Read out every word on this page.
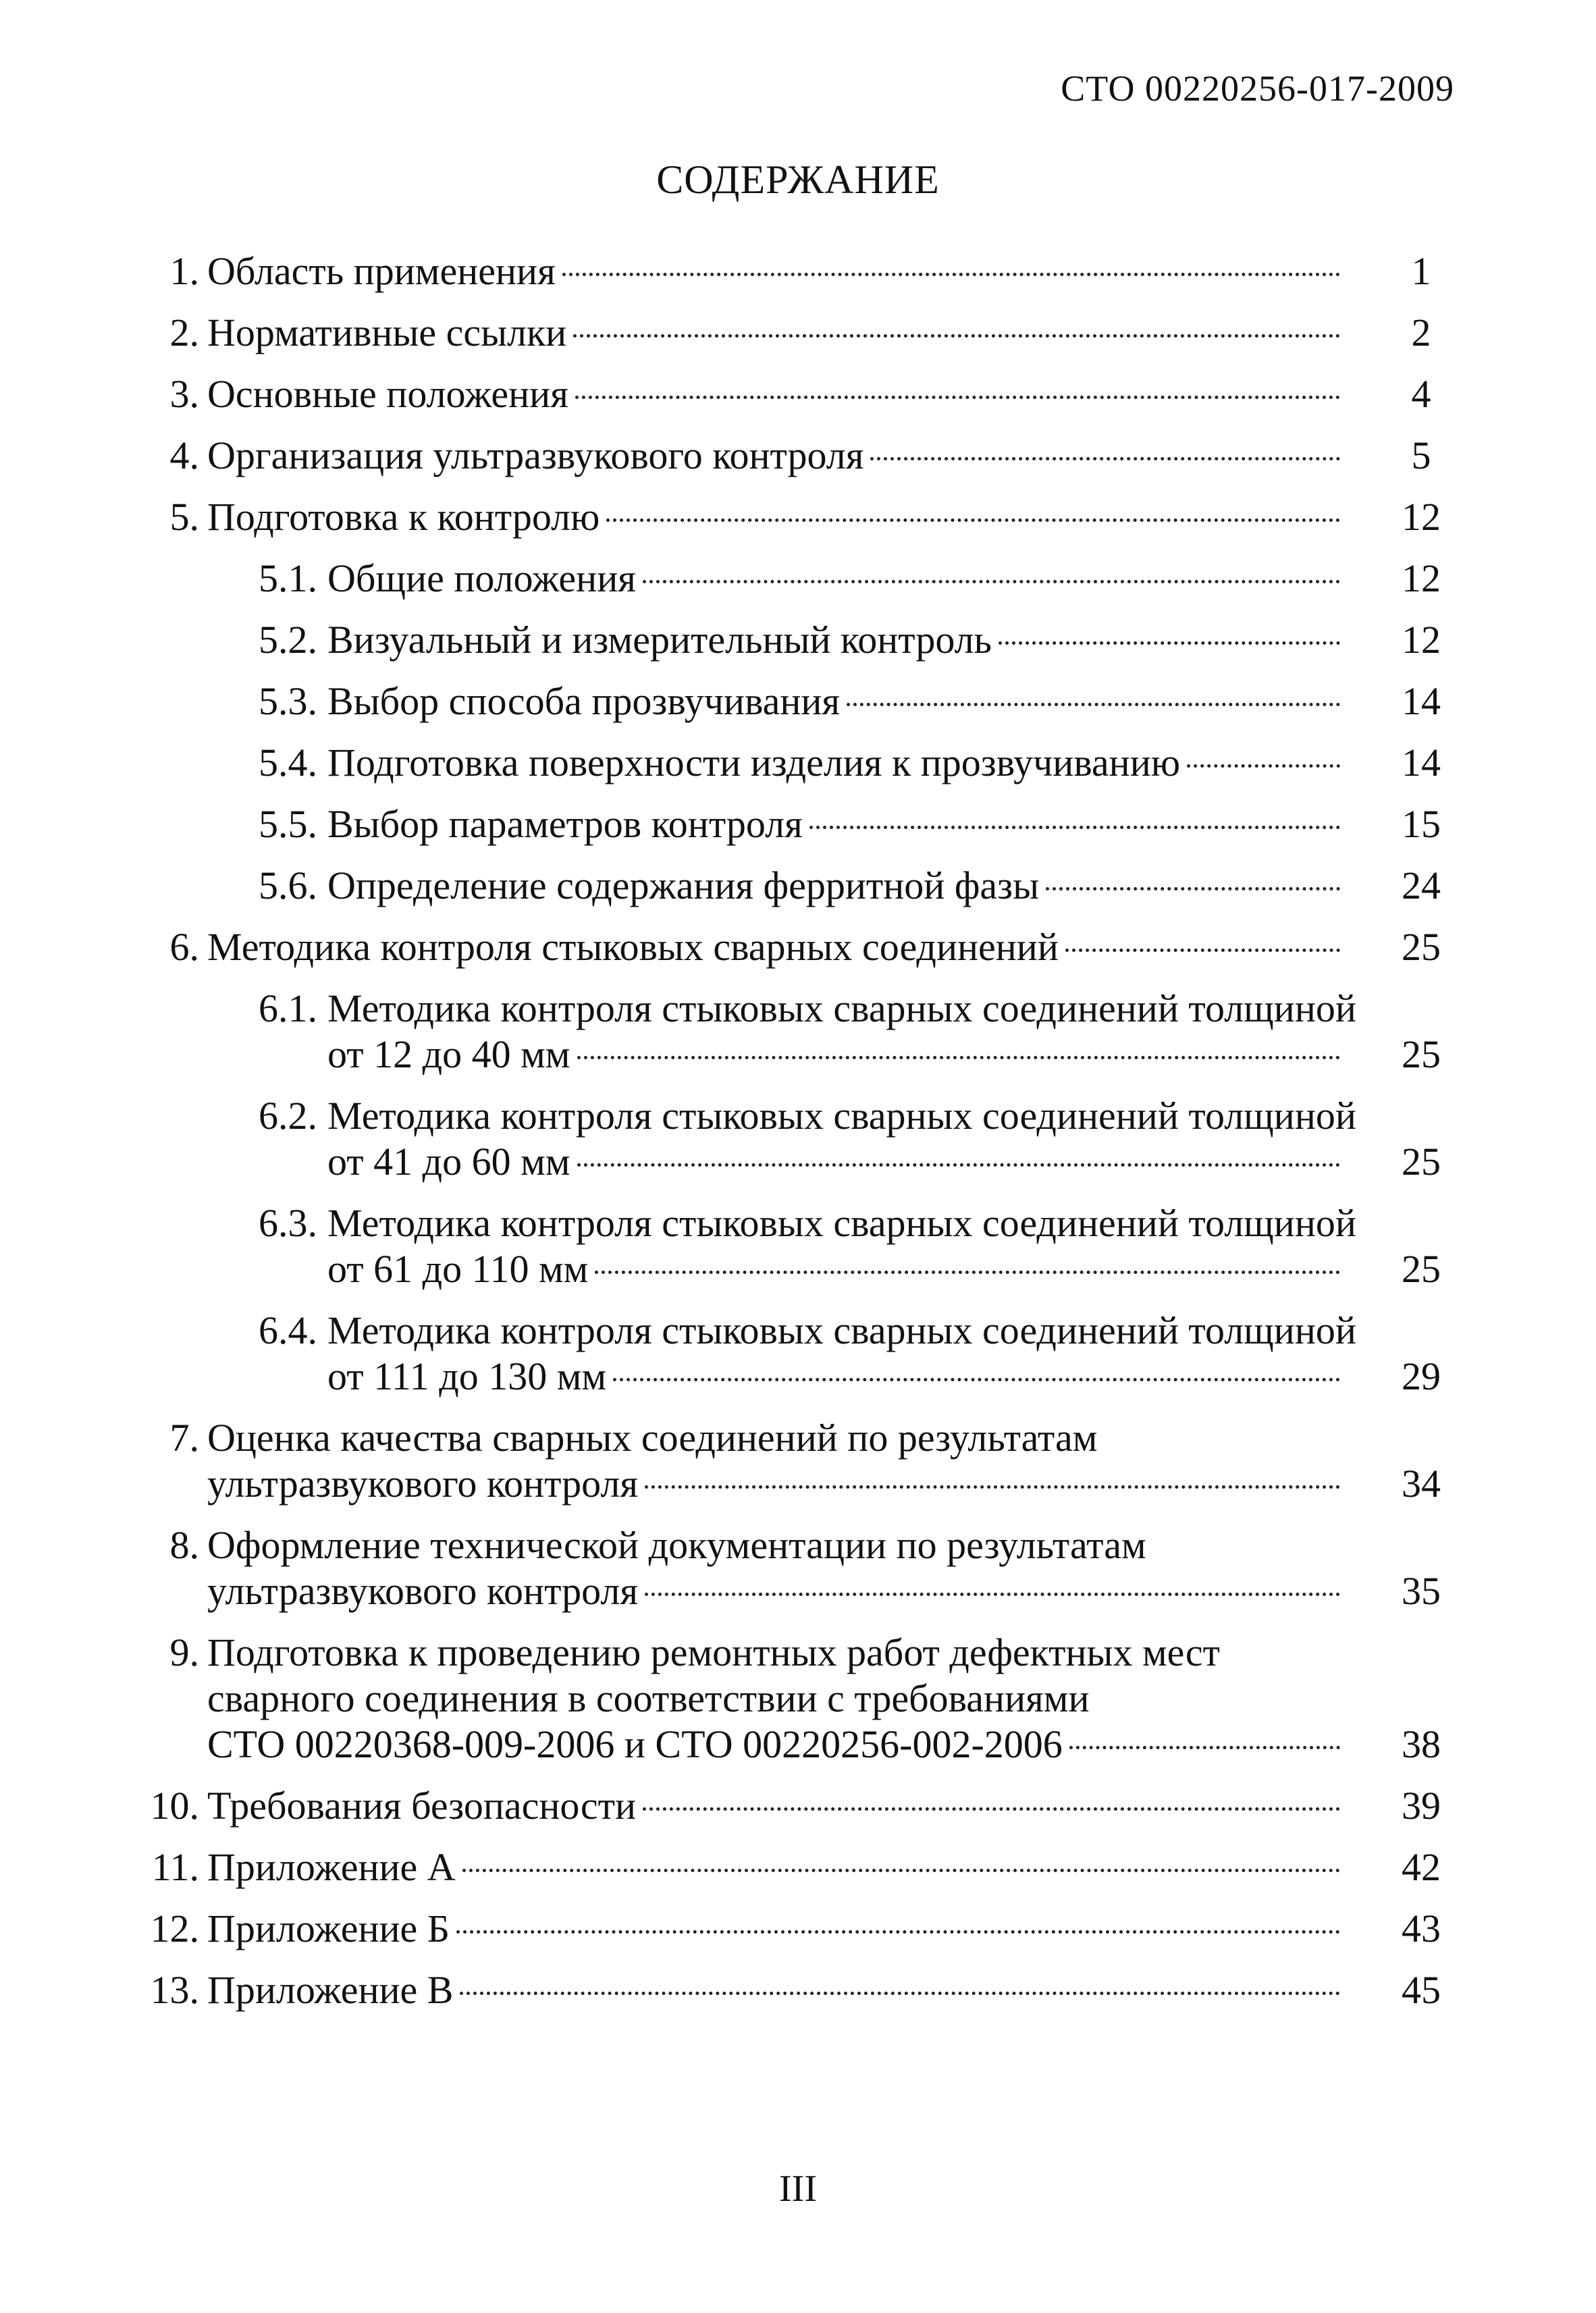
СТО 00220256-017-2009
СОДЕРЖАНИЕ
1. Область применения	1
2. Нормативные ссылки	2
3. Основные положения	4
4. Организация ультразвукового контроля	5
5. Подготовка к контролю	12
5.1. Общие положения	12
5.2. Визуальный и измерительный контроль	12
5.3. Выбор способа прозвучивания	14
5.4. Подготовка поверхности изделия к прозвучиванию	14
5.5. Выбор параметров контроля	15
5.6. Определение содержания ферритной фазы	24
6. Методика контроля стыковых сварных соединений	25
6.1. Методика контроля стыковых сварных соединений толщиной
от 12 до 40 мм	25
6.2. Методика контроля стыковых сварных соединений толщиной
от 41 до 60 мм	25
6.3. Методика контроля стыковых сварных соединений толщиной
от 61 до 110 мм	25
6.4. Методика контроля стыковых сварных соединений толщиной
от 111 до 130 мм	29
7. Оценка качества сварных соединений по результатам
ультразвукового контроля	34
8. Оформление технической документации по результатам
ультразвукового контроля	35
9. Подготовка к проведению ремонтных работ дефектных мест
сварного соединения в соответствии с требованиями
СТО 00220368-009-2006 и СТО 00220256-002-2006	38
10. Требования безопасности	39
11. Приложение А	42
12. Приложение Б	43
13. Приложение В	45
III
